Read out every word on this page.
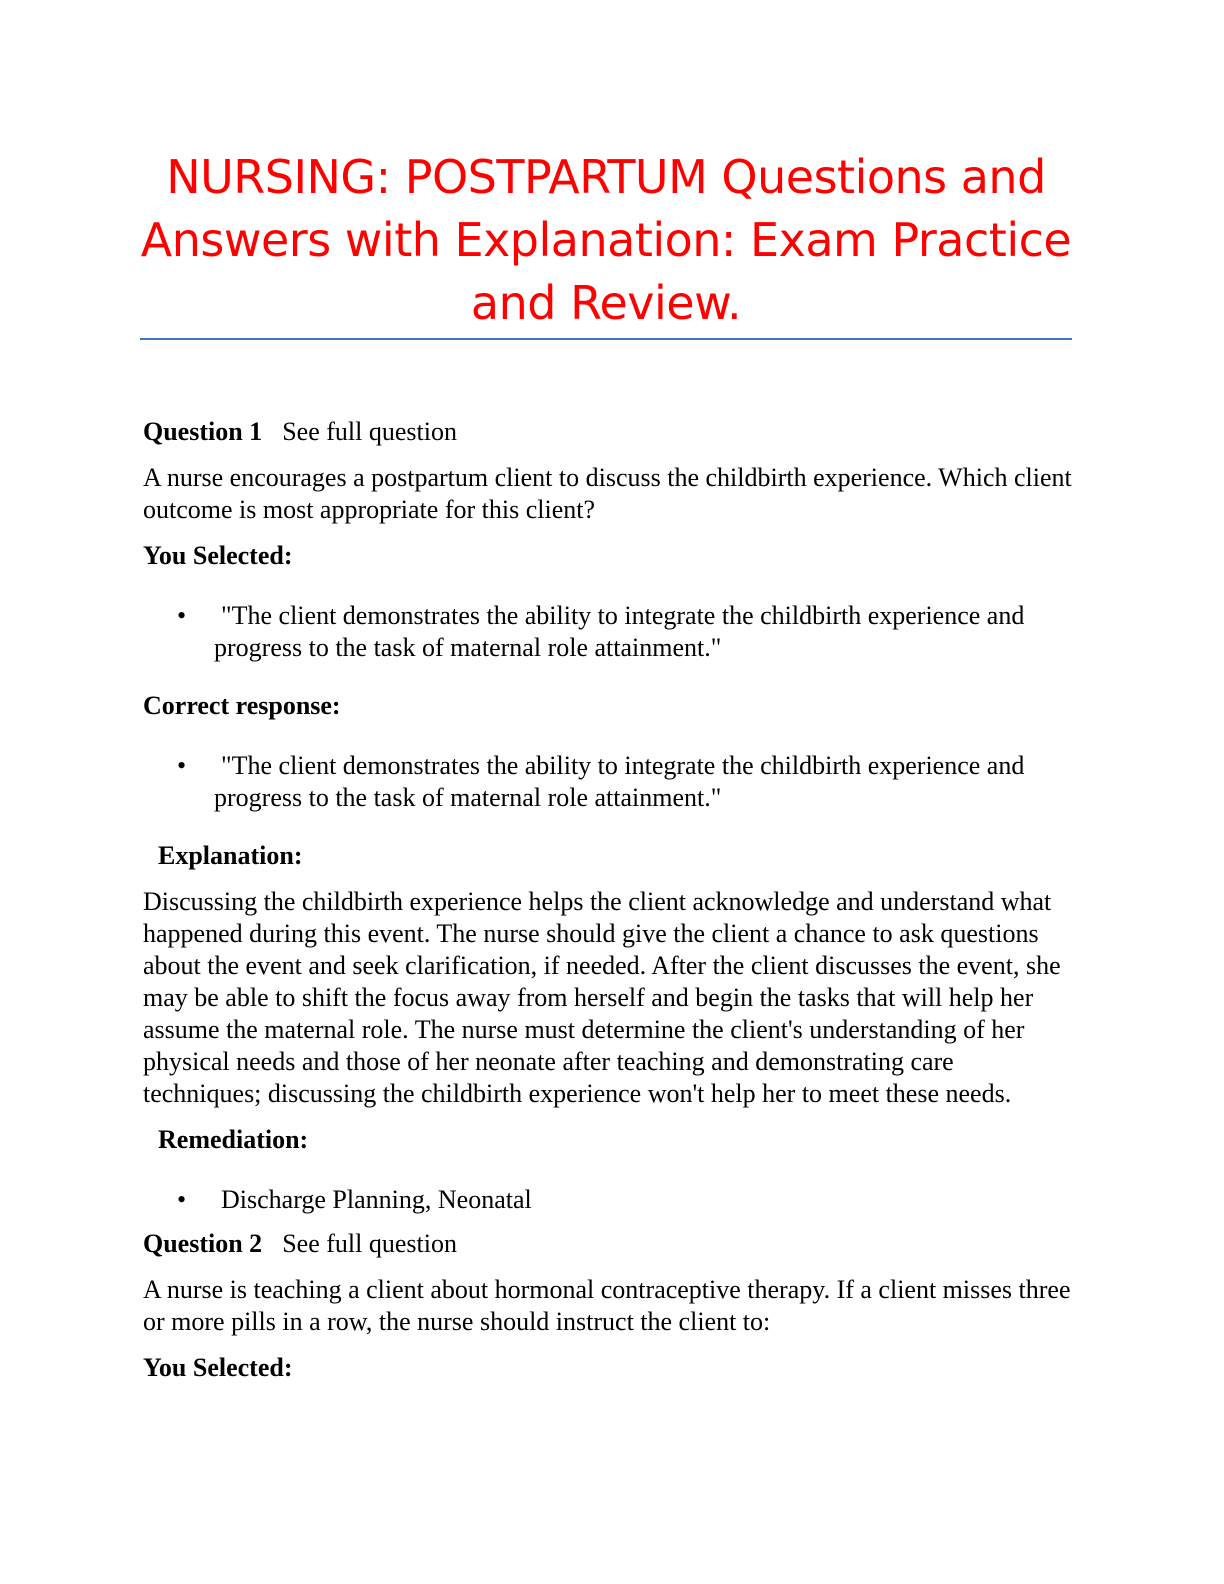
NURSING: POSTPARTUM Questions and Answers with Explanation: Exam Practice and Review.
Question 1 See full question

A nurse encourages a postpartum client to discuss the childbirth experience. Which client outcome is most appropriate for this client?

You Selected:
• "The client demonstrates the ability to integrate the childbirth experience and progress to the task of maternal role attainment."
Correct response:
• "The client demonstrates the ability to integrate the childbirth experience and progress to the task of maternal role attainment."
Explanation:

Discussing the childbirth experience helps the client acknowledge and understand what happened during this event. The nurse should give the client a chance to ask questions about the event and seek clarification, if needed. After the client discusses the event, she may be able to shift the focus away from herself and begin the tasks that will help her assume the maternal role. The nurse must determine the client's understanding of her physical needs and those of her neonate after teaching and demonstrating care techniques; discussing the childbirth experience won't help her to meet these needs.

Remediation:
• Discharge Planning, Neonatal
Question 2 See full question

A nurse is teaching a client about hormonal contraceptive therapy. If a client misses three or more pills in a row, the nurse should instruct the client to:

You Selected:
